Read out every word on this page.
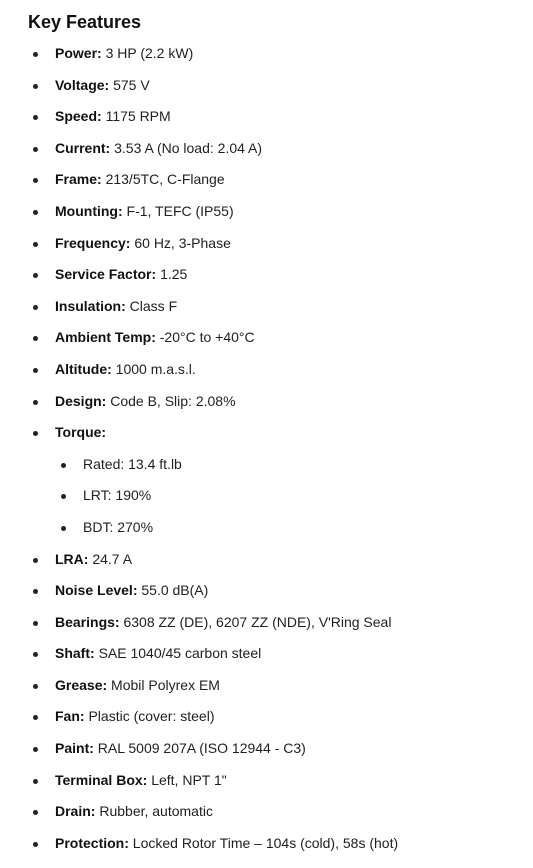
Key Features
Power: 3 HP (2.2 kW)
Voltage: 575 V
Speed: 1175 RPM
Current: 3.53 A (No load: 2.04 A)
Frame: 213/5TC, C-Flange
Mounting: F-1, TEFC (IP55)
Frequency: 60 Hz, 3-Phase
Service Factor: 1.25
Insulation: Class F
Ambient Temp: -20°C to +40°C
Altitude: 1000 m.a.s.l.
Design: Code B, Slip: 2.08%
Torque:
Rated: 13.4 ft.lb
LRT: 190%
BDT: 270%
LRA: 24.7 A
Noise Level: 55.0 dB(A)
Bearings: 6308 ZZ (DE), 6207 ZZ (NDE), V'Ring Seal
Shaft: SAE 1040/45 carbon steel
Grease: Mobil Polyrex EM
Fan: Plastic (cover: steel)
Paint: RAL 5009 207A (ISO 12944 - C3)
Terminal Box: Left, NPT 1"
Drain: Rubber, automatic
Protection: Locked Rotor Time – 104s (cold), 58s (hot)
